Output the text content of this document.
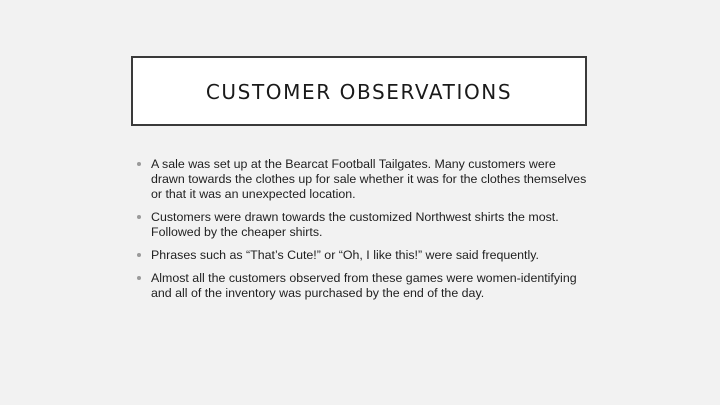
CUSTOMER OBSERVATIONS
A sale was set up at the Bearcat Football Tailgates. Many customers were drawn towards the clothes up for sale whether it was for the clothes themselves or that it was an unexpected location.
Customers were drawn towards the customized Northwest shirts the most. Followed by the cheaper shirts.
Phrases such as “That’s Cute!” or “Oh, I like this!” were said frequently.
Almost all the customers observed from these games were women-identifying and all of the inventory was purchased by the end of the day.
